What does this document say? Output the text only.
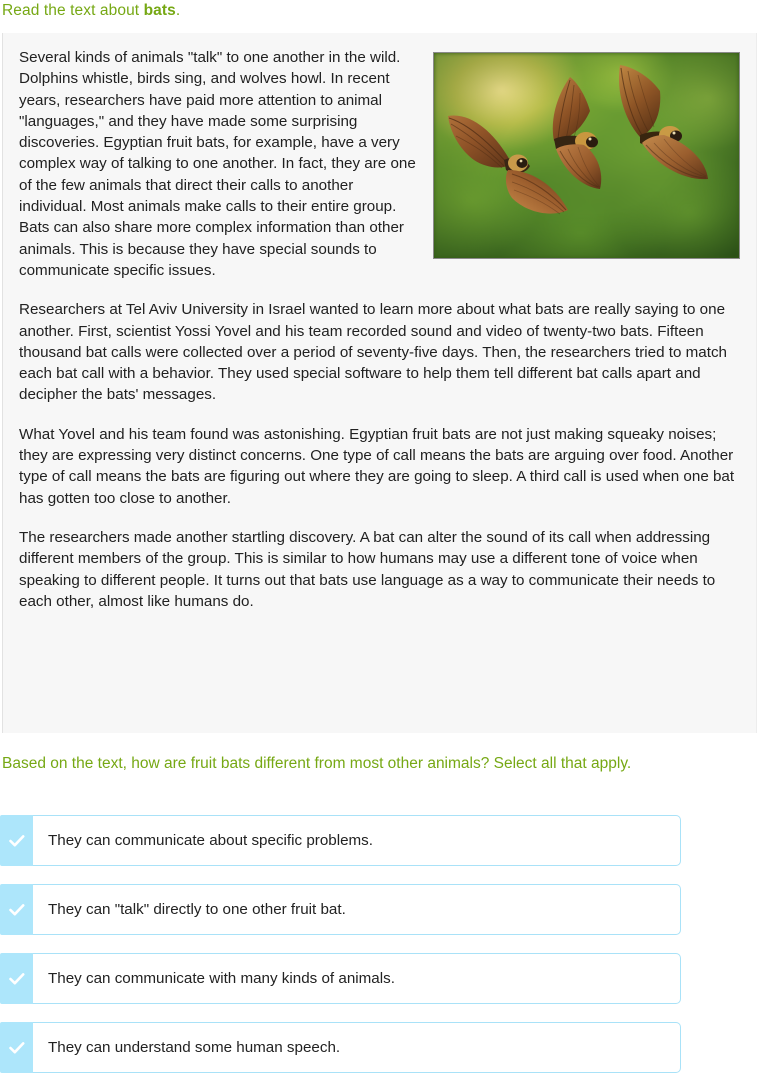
Read the text about bats.

Several kinds of animals "talk" to one another in the wild. Dolphins whistle, birds sing, and wolves howl. In recent years, researchers have paid more attention to animal "languages," and they have made some surprising discoveries. Egyptian fruit bats, for example, have a very complex way of talking to one another. In fact, they are one of the few animals that direct their calls to another individual. Most animals make calls to their entire group. Bats can also share more complex information than other animals. This is because they have special sounds to communicate specific issues.

Researchers at Tel Aviv University in Israel wanted to learn more about what bats are really saying to one another. First, scientist Yossi Yovel and his team recorded sound and video of twenty-two bats. Fifteen thousand bat calls were collected over a period of seventy-five days. Then, the researchers tried to match each bat call with a behavior. They used special software to help them tell different bat calls apart and decipher the bats' messages.

What Yovel and his team found was astonishing. Egyptian fruit bats are not just making squeaky noises; they are expressing very distinct concerns. One type of call means the bats are arguing over food. Another type of call means the bats are figuring out where they are going to sleep. A third call is used when one bat has gotten too close to another.

The researchers made another startling discovery. A bat can alter the sound of its call when addressing different members of the group. This is similar to how humans may use a different tone of voice when speaking to different people. It turns out that bats use language as a way to communicate their needs to each other, almost like humans do.

Based on the text, how are fruit bats different from most other animals? Select all that apply.
They can communicate about specific problems.
They can "talk" directly to one other fruit bat.
They can communicate with many kinds of animals.
They can understand some human speech.
